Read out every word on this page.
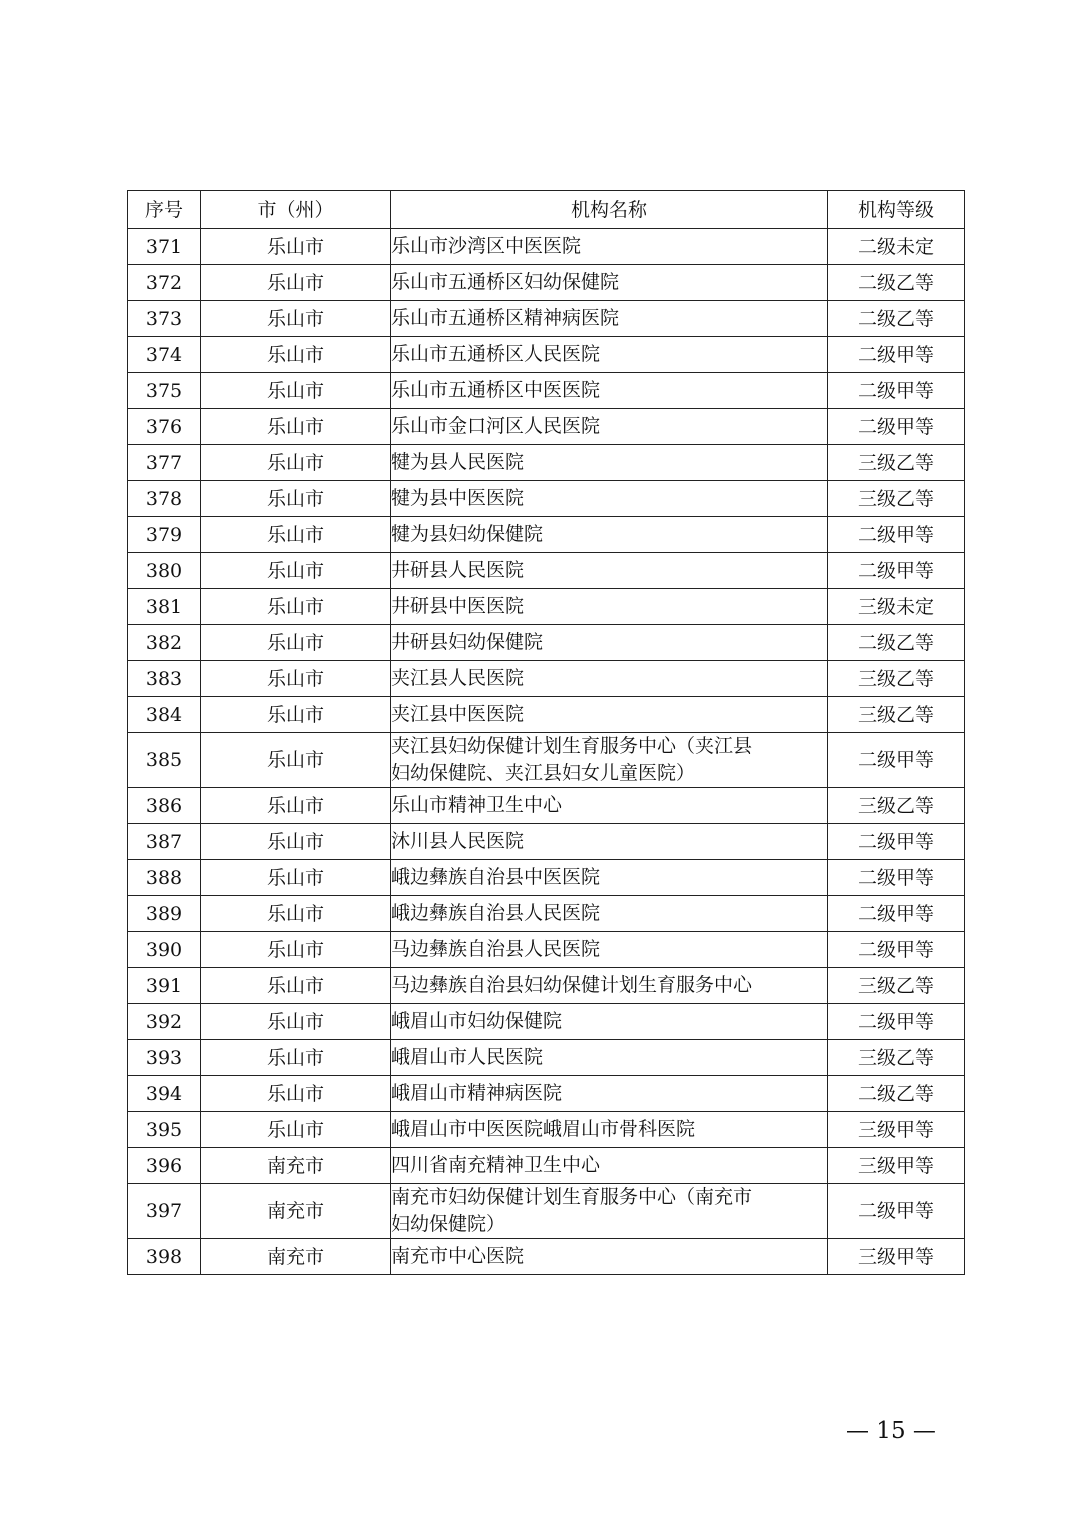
序号	市（州）	机构名称	机构等级
371	乐山市	乐山市沙湾区中医医院	二级未定
372	乐山市	乐山市五通桥区妇幼保健院	二级乙等
373	乐山市	乐山市五通桥区精神病医院	二级乙等
374	乐山市	乐山市五通桥区人民医院	二级甲等
375	乐山市	乐山市五通桥区中医医院	二级甲等
376	乐山市	乐山市金口河区人民医院	二级甲等
377	乐山市	犍为县人民医院	三级乙等
378	乐山市	犍为县中医医院	三级乙等
379	乐山市	犍为县妇幼保健院	二级甲等
380	乐山市	井研县人民医院	二级甲等
381	乐山市	井研县中医医院	三级未定
382	乐山市	井研县妇幼保健院	二级乙等
383	乐山市	夹江县人民医院	三级乙等
384	乐山市	夹江县中医医院	三级乙等
385	乐山市	夹江县妇幼保健计划生育服务中心（夹江县
妇幼保健院、夹江县妇女儿童医院）	二级甲等
386	乐山市	乐山市精神卫生中心	三级乙等
387	乐山市	沐川县人民医院	二级甲等
388	乐山市	峨边彝族自治县中医医院	二级甲等
389	乐山市	峨边彝族自治县人民医院	二级甲等
390	乐山市	马边彝族自治县人民医院	二级甲等
391	乐山市	马边彝族自治县妇幼保健计划生育服务中心	三级乙等
392	乐山市	峨眉山市妇幼保健院	二级甲等
393	乐山市	峨眉山市人民医院	三级乙等
394	乐山市	峨眉山市精神病医院	二级乙等
395	乐山市	峨眉山市中医医院峨眉山市骨科医院	三级甲等
396	南充市	四川省南充精神卫生中心	三级甲等
397	南充市	南充市妇幼保健计划生育服务中心（南充市
妇幼保健院）	二级甲等
398	南充市	南充市中心医院	三级甲等
— 15 —
